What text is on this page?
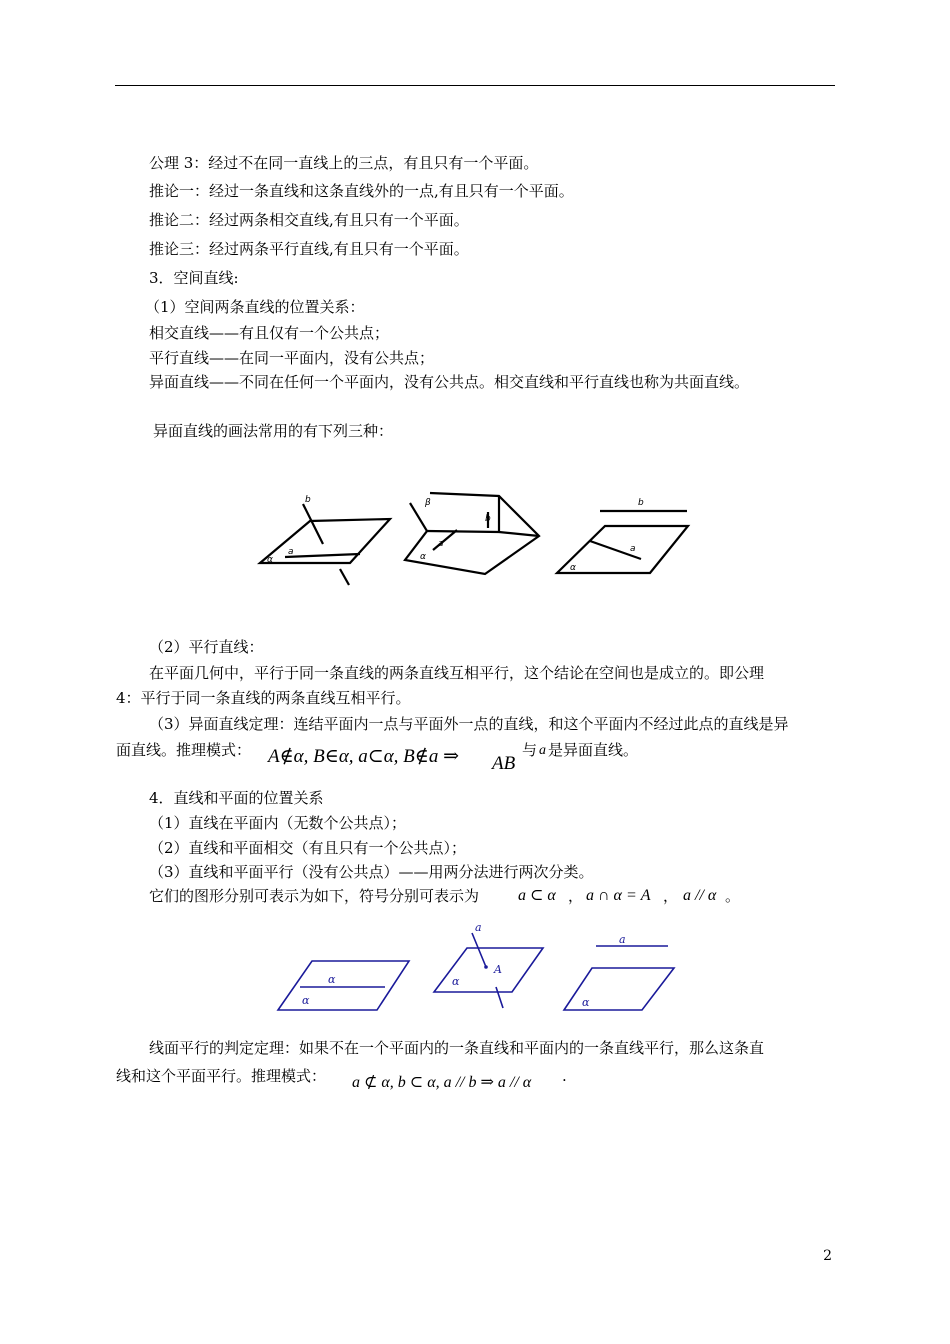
公理 3：经过不在同一直线上的三点，有且只有一个平面。
推论一：经过一条直线和这条直线外的一点,有且只有一个平面。
推论二：经过两条相交直线,有且只有一个平面。
推论三：经过两条平行直线,有且只有一个平面。
3．空间直线:
（1）空间两条直线的位置关系：
相交直线——有且仅有一个公共点；
平行直线——在同一平面内，没有公共点；
异面直线——不同在任何一个平面内，没有公共点。相交直线和平行直线也称为共面直线。
异面直线的画法常用的有下列三种：
b
a
α
β
b
a
α
b
a
α
（2）平行直线：
在平面几何中，平行于同一条直线的两条直线互相平行，这个结论在空间也是成立的。即公理
4：平行于同一条直线的两条直线互相平行。
（3）异面直线定理：连结平面内一点与平面外一点的直线，和这个平面内不经过此点的直线是异
面直线。推理模式： A∉α, B∈α, a⊂α, B∉a ⇒ AB
与 a 是异面直线。
4．直线和平面的位置关系
（1）直线在平面内（无数个公共点）；
（2）直线和平面相交（有且只有一个公共点）；
（3）直线和平面平行（没有公共点）——用两分法进行两次分类。
它们的图形分别可表示为如下，符号分别可表示为 a ⊂ α ， a ∩ α = A ， a // α 。
α
α
a
α
A
a
α
线面平行的判定定理：如果不在一个平面内的一条直线和平面内的一条直线平行，那么这条直
线和这个平面平行。推理模式： a ⊄ α, b ⊂ α, a // b ⇒ a // α .
2
